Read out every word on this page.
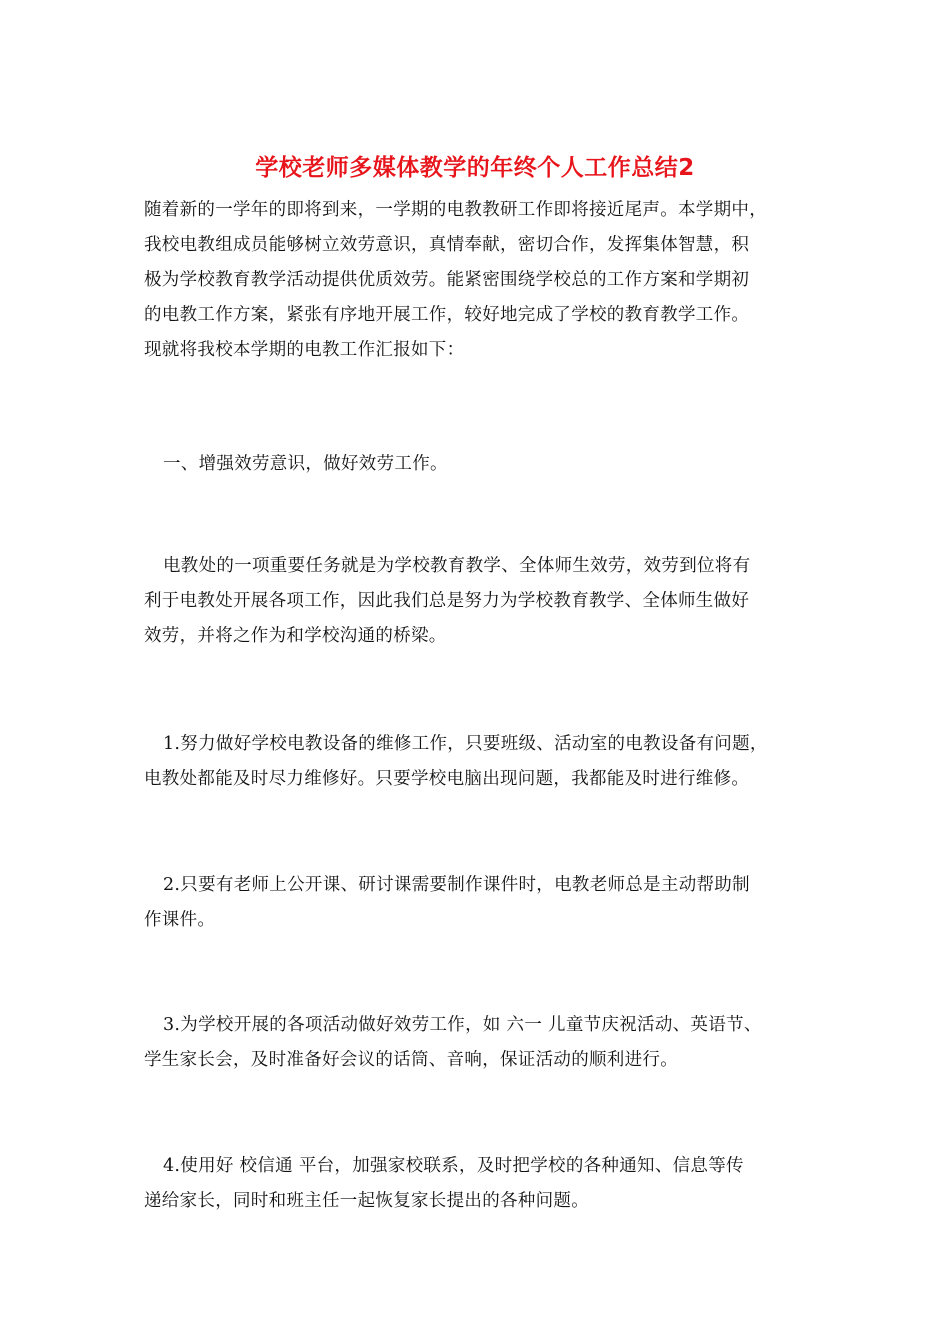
学校老师多媒体教学的年终个人工作总结2
随着新的一学年的即将到来，一学期的电教教研工作即将接近尾声。本学期中，
我校电教组成员能够树立效劳意识，真情奉献，密切合作，发挥集体智慧，积
极为学校教育教学活动提供优质效劳。能紧密围绕学校总的工作方案和学期初
的电教工作方案，紧张有序地开展工作，较好地完成了学校的教育教学工作。
现就将我校本学期的电教工作汇报如下：
一、增强效劳意识，做好效劳工作。
电教处的一项重要任务就是为学校教育教学、全体师生效劳，效劳到位将有
利于电教处开展各项工作，因此我们总是努力为学校教育教学、全体师生做好
效劳，并将之作为和学校沟通的桥梁。
1.努力做好学校电教设备的维修工作，只要班级、活动室的电教设备有问题，
电教处都能及时尽力维修好。只要学校电脑出现问题，我都能及时进行维修。
2.只要有老师上公开课、研讨课需要制作课件时，电教老师总是主动帮助制
作课件。
3.为学校开展的各项活动做好效劳工作，如 六一 儿童节庆祝活动、英语节、
学生家长会，及时准备好会议的话筒、音响，保证活动的顺利进行。
4.使用好 校信通 平台，加强家校联系，及时把学校的各种通知、信息等传
递给家长，同时和班主任一起恢复家长提出的各种问题。
